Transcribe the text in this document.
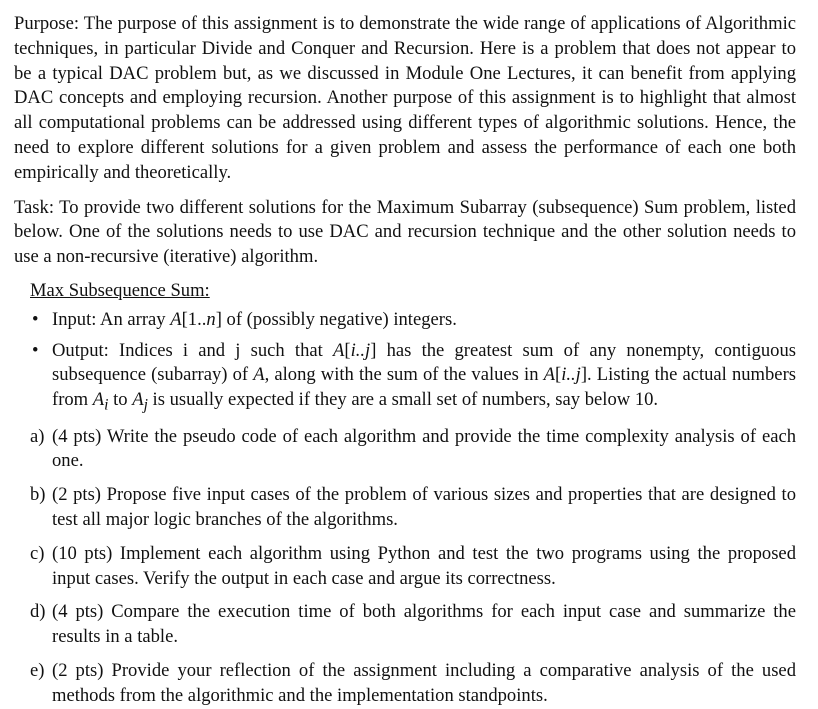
Purpose: The purpose of this assignment is to demonstrate the wide range of applications of Algorithmic techniques, in particular Divide and Conquer and Recursion. Here is a problem that does not appear to be a typical DAC problem but, as we discussed in Module One Lectures, it can benefit from applying DAC concepts and employing recursion. Another purpose of this assignment is to highlight that almost all computational problems can be addressed using different types of algorithmic solutions. Hence, the need to explore different solutions for a given problem and assess the performance of each one both empirically and theoretically.

Task: To provide two different solutions for the Maximum Subarray (subsequence) Sum problem, listed below. One of the solutions needs to use DAC and recursion technique and the other solution needs to use a non-recursive (iterative) algorithm.

Max Subsequence Sum:
• Input: An array A[1..n] of (possibly negative) integers.
• Output: Indices i and j such that A[i..j] has the greatest sum of any nonempty, contiguous subsequence (subarray) of A, along with the sum of the values in A[i..j]. Listing the actual numbers from $A_i$ to $A_j$ is usually expected if they are a small set of numbers, say below 10.
a) (4 pts) Write the pseudo code of each algorithm and provide the time complexity analysis of each one.
b) (2 pts) Propose five input cases of the problem of various sizes and properties that are designed to test all major logic branches of the algorithms.
c) (10 pts) Implement each algorithm using Python and test the two programs using the proposed input cases. Verify the output in each case and argue its correctness.
d) (4 pts) Compare the execution time of both algorithms for each input case and summarize the results in a table.
e) (2 pts) Provide your reflection of the assignment including a comparative analysis of the used methods from the algorithmic and the implementation standpoints.
